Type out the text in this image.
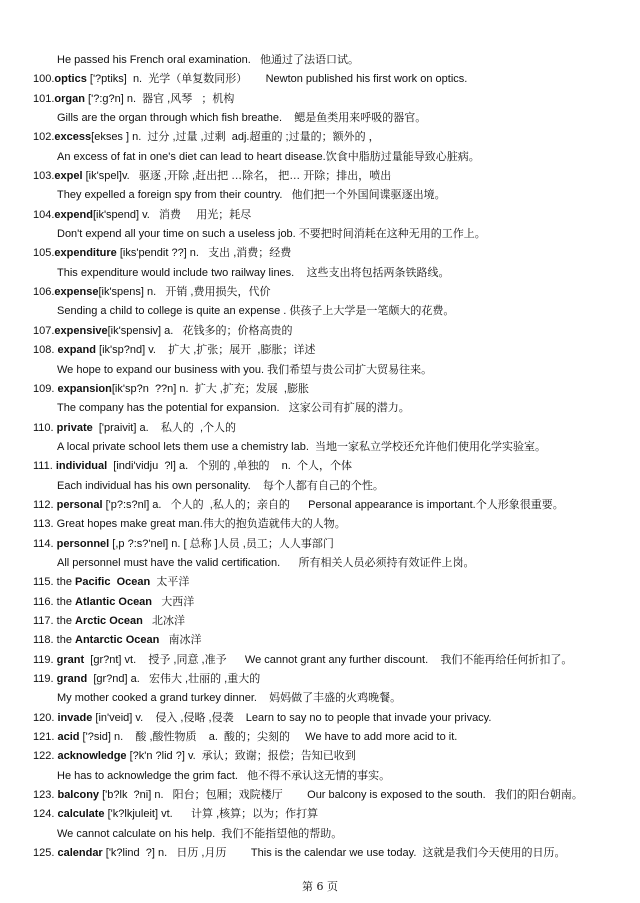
He passed his French oral examination.   他通过了法语口试。
100.optics ['?ptiks]  n.  光学（单复数同形）      Newton published his first work on optics.
101.organ ['?:g?n] n.  器官 ,风琴   ；机构
Gills are the organ through which fish breathe.    鳃是鱼类用来呼吸的器官。
102.excess[ekses ] n.  过分 ,过量 ,过剩  adj.超重的 ;过量的；额外的 ，
An excess of fat in one's diet can lead to heart disease.饮食中脂肪过量能导致心脏病。
103.expel [ik'spel]v.   驱逐 ,开除 ,赶出把 …除名， 把… 开除；排出，喷出
They expelled a foreign spy from their country.   他们把一个外国间谍驱逐出境。
104.expend[ik'spend] v.   消费     用光；耗尽
Don't expend all your time on such a useless job. 不要把时间消耗在这种无用的工作上。
105.expenditure [iks'pendit ??] n.   支出 ,消费；经费
This expenditure would include two railway lines.    这些支出将包括两条铁路线。
106.expense[ik'spens] n.   开销 ,费用损失，代价
Sending a child to college is quite an expense . 供孩子上大学是一笔颇大的花费。
107.expensive[ik'spensiv] a.   花钱多的；价格高贵的
108. expand [ik'sp?nd] v.    扩大 ,扩张；展开  ,膨胀；详述
We hope to expand our business with you. 我们希望与贵公司扩大贸易往来。
109. expansion[ik'sp?n  ??n] n.  扩大 ,扩充；发展  ,膨胀
The company has the potential for expansion.   这家公司有扩展的潜力。
110. private  ['praivit] a.    私人的  ,个人的
A local private school lets them use a chemistry lab.  当地一家私立学校还允许他们使用化学实验室。
111. individual  [indi'vidju  ?l] a.   个别的 ,单独的    n.  个人，个体
Each individual has his own personality.    每个人都有自己的个性。
112. personal ['p?:s?nl] a.   个人的  ,私人的；亲自的      Personal appearance is important.个人形象很重要。
113. Great hopes make great man.伟大的抱负造就伟大的人物。
114. personnel [,p ?:s?'nel] n. [ 总称 ]人员 ,员工；人人事部门
All personnel must have the valid certification.      所有相关人员必须持有效证件上岗。
115. the Pacific  Ocean  太平洋
116. the Atlantic Ocean   大西洋
117. the Arctic Ocean   北冰洋
118. the Antarctic Ocean   南冰洋
119. grant  [gr?nt] vt.    授予 ,同意 ,准予      We cannot grant any further discount.    我们不能再给任何折扣了。
119. grand  [gr?nd] a.   宏伟大 ,壮丽的 ,重大的
My mother cooked a grand turkey dinner.    妈妈做了丰盛的火鸡晚餐。
120. invade [in'veid] v.    侵入 ,侵略 ,侵袭    Learn to say no to people that invade your privacy.
121. acid ['?sid] n.    酸 ,酸性物质    a.  酸的；尖刻的     We have to add more acid to it.
122. acknowledge [?k'n ?lid ?] v.  承认；致谢；报偿；告知已收到
He has to acknowledge the grim fact.   他不得不承认这无情的事实。
123. balcony ['b?lk  ?ni] n.   阳台；包厢；戏院楼厅        Our balcony is exposed to the south.   我们的阳台朝南。
124. calculate ['k?lkjuleit] vt.      计算 ,核算；以为；作打算
We cannot calculate on his help.  我们不能指望他的帮助。
125. calendar ['k?lind  ?] n.   日历 ,月历        This is the calendar we use today.  这就是我们今天使用的日历。
第 6 页
